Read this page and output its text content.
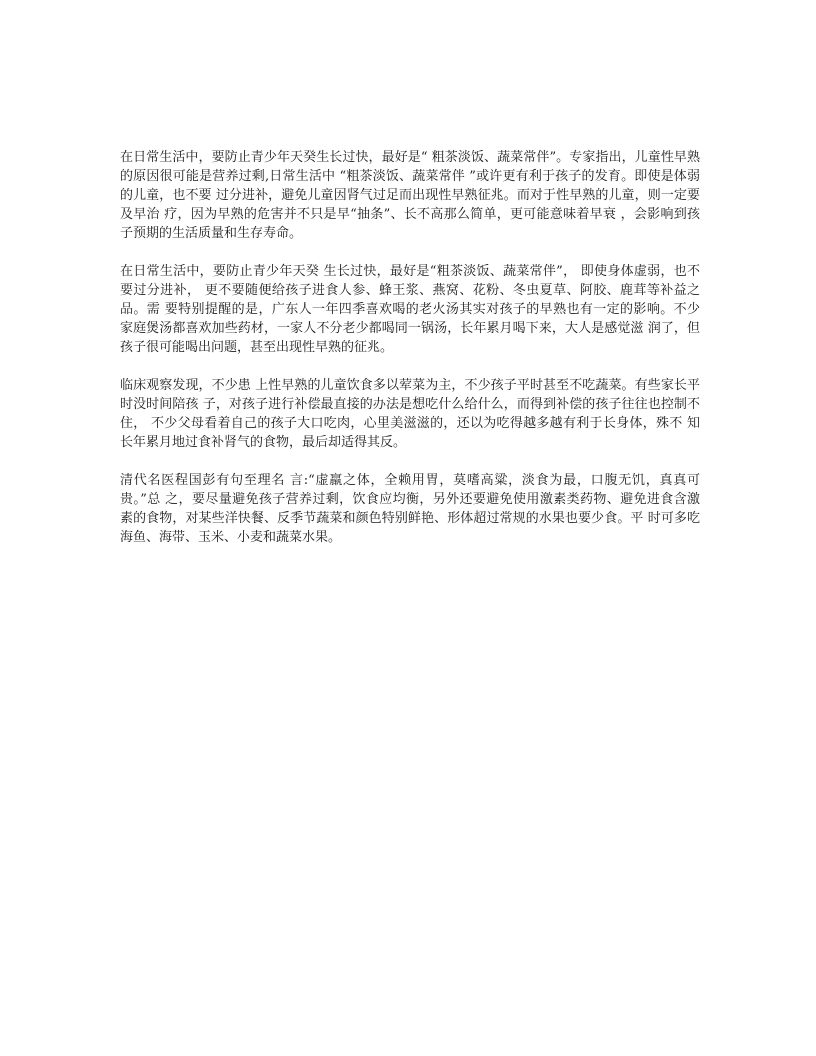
在日常生活中，要防止青少年天癸生长过快，最好是“ 粗茶淡饭、蔬菜常伴”。专家指出，儿童性早熟的原因很可能是营养过剩,日常生活中 “粗茶淡饭、蔬菜常伴 ”或许更有利于孩子的发育。即使是体弱的儿童，也不要 过分进补，避免儿童因肾气过足而出现性早熟征兆。而对于性早熟的儿童，则一定要及早治 疗，因为早熟的危害并不只是早“抽条”、长不高那么简单，更可能意味着早衰 ，会影响到孩子预期的生活质量和生存寿命。

在日常生活中，要防止青少年天癸 生长过快，最好是“粗茶淡饭、蔬菜常伴”， 即使身体虚弱，也不要过分进补， 更不要随便给孩子进食人参、蜂王浆、燕窝、花粉、冬虫夏草、阿胶、鹿茸等补益之品。需 要特别提醒的是，广东人一年四季喜欢喝的老火汤其实对孩子的早熟也有一定的影响。不少 家庭煲汤都喜欢加些药材，一家人不分老少都喝同一锅汤，长年累月喝下来，大人是感觉滋 润了，但孩子很可能喝出问题，甚至出现性早熟的征兆。

临床观察发现，不少患 上性早熟的儿童饮食多以荤菜为主，不少孩子平时甚至不吃蔬菜。有些家长平时没时间陪孩 子，对孩子进行补偿最直接的办法是想吃什么给什么，而得到补偿的孩子往往也控制不住， 不少父母看着自己的孩子大口吃肉，心里美滋滋的，还以为吃得越多越有利于长身体，殊不 知长年累月地过食补肾气的食物，最后却适得其反。

清代名医程国彭有句至理名 言:“虚羸之体，全赖用胃，莫嗜高粱，淡食为最，口腹无饥，真真可贵。”总 之，要尽量避免孩子营养过剩，饮食应均衡，另外还要避免使用激素类药物、避免进食含激 素的食物，对某些洋快餐、反季节蔬菜和颜色特别鲜艳、形体超过常规的水果也要少食。平 时可多吃海鱼、海带、玉米、小麦和蔬菜水果。
